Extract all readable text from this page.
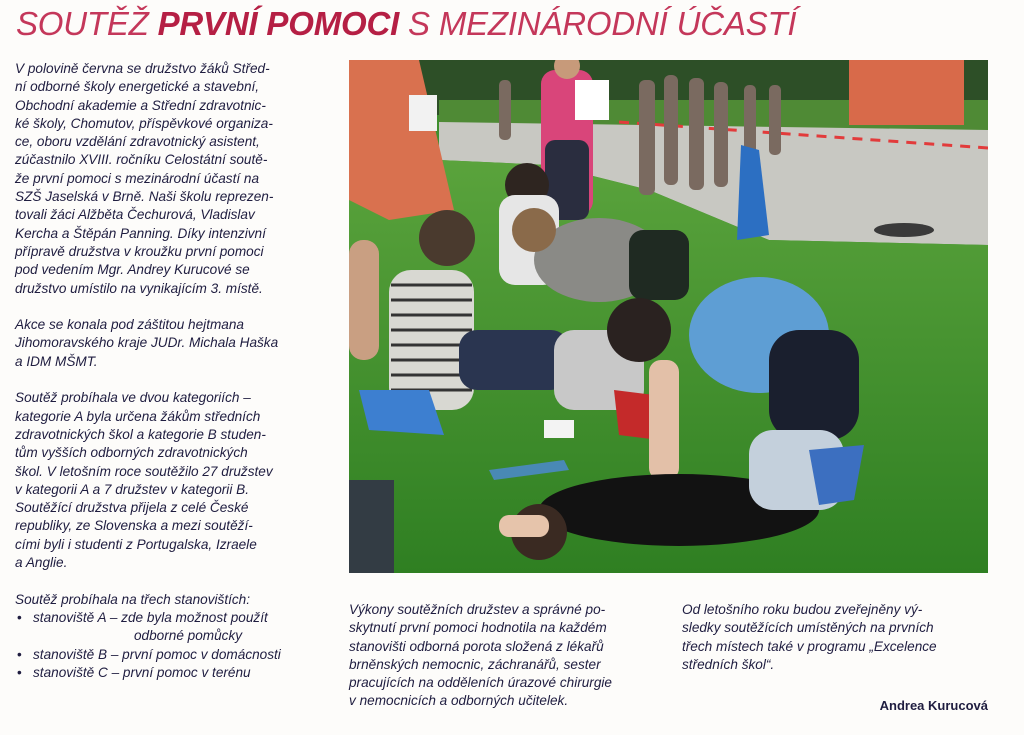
SOUTĚŽ PRVNÍ POMOCI S MEZINÁRODNÍ ÚČASTÍ

V polovině června se družstvo žáků Střed-
ní odborné školy energetické a stavební,
Obchodní akademie a Střední zdravotnic-
ké školy, Chomutov, příspěvkové organiza-
ce, oboru vzdělání zdravotnický asistent,
zúčastnilo XVIII. ročníku Celostátní soutě-
že první pomoci s mezinárodní účastí na
SZŠ Jaselská v Brně. Naši školu reprezen-
tovali žáci Alžběta Čechurová, Vladislav
Kercha a Štěpán Panning. Díky intenzivní
přípravě družstva v kroužku první pomoci
pod vedením Mgr. Andrey Kurucové se
družstvo umístilo na vynikajícím 3. místě.

Akce se konala pod záštitou hejtmana
Jihomoravského kraje JUDr. Michala Haška
a IDM MŠMT.

Soutěž probíhala ve dvou kategoriích –
kategorie A byla určena žákům středních
zdravotnických škol a kategorie B studen-
tům vyšších odborných zdravotnických
škol. V letošním roce soutěžilo 27 družstev
v kategorii A a 7 družstev v kategorii B.
Soutěžící družstva přijela z celé České
republiky, ze Slovenska a mezi soutěží-
cími byli i studenti z Portugalska, Izraele
a Anglie.

Soutěž probíhala na třech stanovištích:
• stanoviště A – zde byla možnost použít
odborné pomůcky
• stanoviště B – první pomoc v domácnosti
• stanoviště C – první pomoc v terénu
Výkony soutěžních družstev a správné po-
skytnutí první pomoci hodnotila na každém
stanovišti odborná porota složená z lékařů
brněnských nemocnic, záchranářů, sester
pracujících na odděleních úrazové chirurgie
v nemocnicích a odborných učitelek.
Od letošního roku budou zveřejněny vý-
sledky soutěžících umístěných na prvních
třech místech také v programu „Excelence
středních škol“.
Andrea Kurucová
